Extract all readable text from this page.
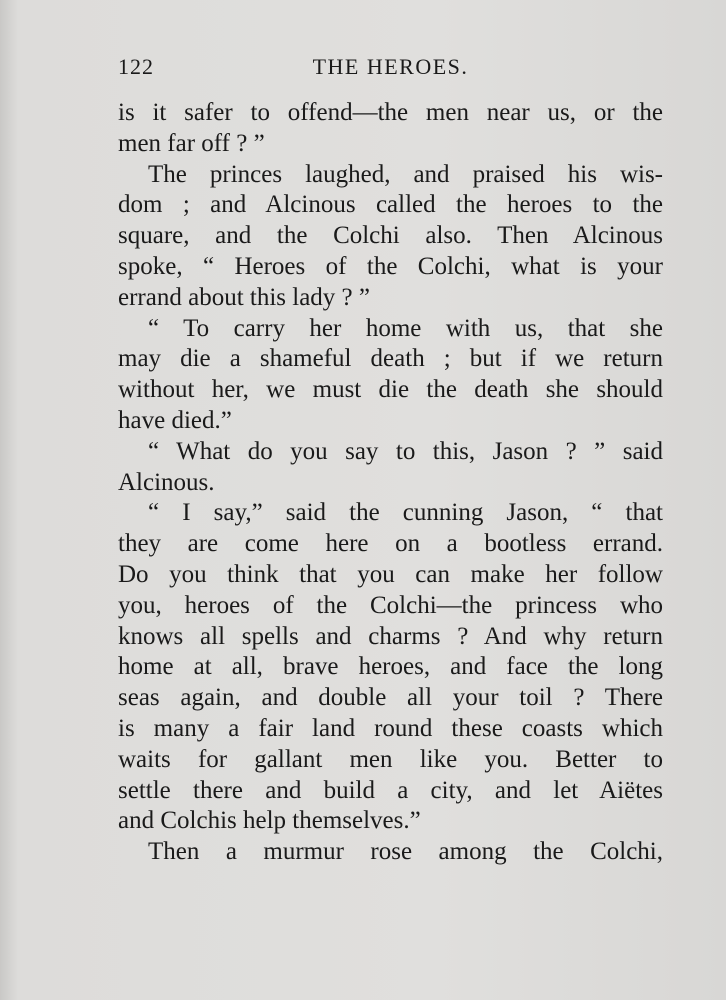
122	THE HEROES.
is it safer to offend—the men near us, or the
men far off ? ”
The princes laughed, and praised his wis-
dom ; and Alcinous called the heroes to the
square, and the Colchi also. Then Alcinous
spoke, “ Heroes of the Colchi, what is your
errand about this lady ? ”
“ To carry her home with us, that she
may die a shameful death ; but if we return
without her, we must die the death she should
have died.”
“ What do you say to this, Jason ? ” said
Alcinous.
“ I say,” said the cunning Jason, “ that
they are come here on a bootless errand.
Do you think that you can make her follow
you, heroes of the Colchi—the princess who
knows all spells and charms ? And why return
home at all, brave heroes, and face the long
seas again, and double all your toil ? There
is many a fair land round these coasts which
waits for gallant men like you. Better to
settle there and build a city, and let Aiëtes
and Colchis help themselves.”
Then a murmur rose among the Colchi,
